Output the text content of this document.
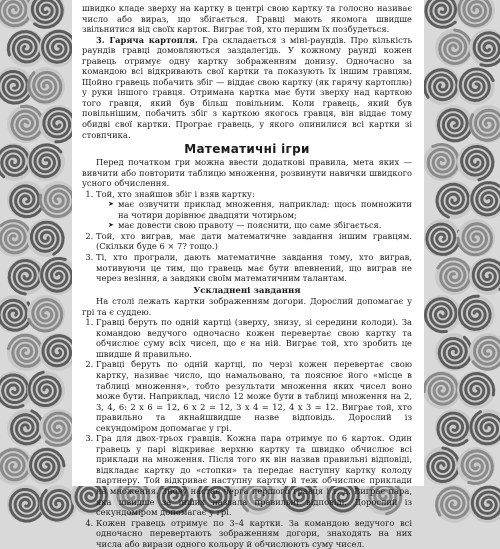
швидко кладе зверху на картку в центрі свою картку та голосно називає число або вираз, що збігається. Гравці мають якомога швидше звільнитися від своїх карток. Виграє той, хто першим їх позбудеться.

3. Гаряча картопля. Гра складається з міні-раундів. Про кількість раундів гравці домовляються заздалегідь. У кожному раунді кожен гравець отримує одну картку зображенням донизу. Одночасно за командою всі відкривають свої картки та показують їх іншим гравцям. Щойно гравець побачить збіг — віддає свою картку (як гарячу картоплю) у руки іншого гравця. Отримана картка має бути зверху над карткою того гравця, який був більш повільним. Коли гравець, який був повільнішим, побачить збіг з карткою якогось гравця, він віддає тому обидві свої картки. Програє гравець, у якого опинилися всі картки зі стовпчика.

Математичні ігри

Перед початком гри можна ввести додаткові правила, мета яких — вивчити або повторити таблицю множення, розвинути навички швидкого усного обчислення.

1. Той, хто знайшов збіг і взяв картку:
➤ має озвучити приклад множення, наприклад: щось помножити на чотири дорівнює двадцяти чотирьом;
➤ має довести свою правоту — пояснити, що саме збігається.
2. Той, хто виграв, має дати математичне завдання іншим гравцям. (Скільки буде 6 × 7? тощо.)
3. Ті, хто програли, дають математичне завдання тому, хто виграв, мотивуючи це тим, що гравець має бути впевнений, що виграв не через везіння, а завдяки своїм математичним талантам.
Ускладнені завдання

На столі лежать картки зображенням догори. Дорослий допомагає у грі та є суддею.

1. Гравці беруть по одній картці (зверху, знизу, зі середини колоди). За командою ведучого одночасно кожен перевертає свою картку та обчислює суму всіх чисел, що є на ній. Виграє той, хто зробить це швидше й правильно.
2. Гравці беруть по одній картці, по черзі кожен перевертає свою картку, називає число, що намальовано, та пояснює його «місце в таблиці множення», тобто результати множення яких чисел воно може бути. Наприклад, число 12 може бути в таблиці множення на 2, 3, 4, 6: 2 х 6 = 12, 6 х 2 = 12, 3 х 4 = 12, 4 х 3 = 12. Виграє той, хто правильно та якнайшвидше назве відповідь. Дорослий із секундоміром допомагає у грі.
3. Гра для двох-трьох гравців. Кожна пара отримує по 6 карток. Один гравець у парі відкриває верхню картку та швидко обчислює всі приклади на множення. Після того як він назвав правильні відповіді, відкладає картку до «стопки» та передає наступну картку колоду партнеру. Той відкриває наступну картку й теж обчислює приклади на множення. Знову настає черга першого гравця і т. д. Виграє пара, яка швидше за інших назвала правильні відповіді. Дорослий із секундоміром допомагає у грі.
4. Кожен гравець отримує по 3–4 картки. За командою ведучого всі одночасно перевертають зображенням догори, знаходять на них числа або вирази одного кольору й обчислюють суму чисел.
